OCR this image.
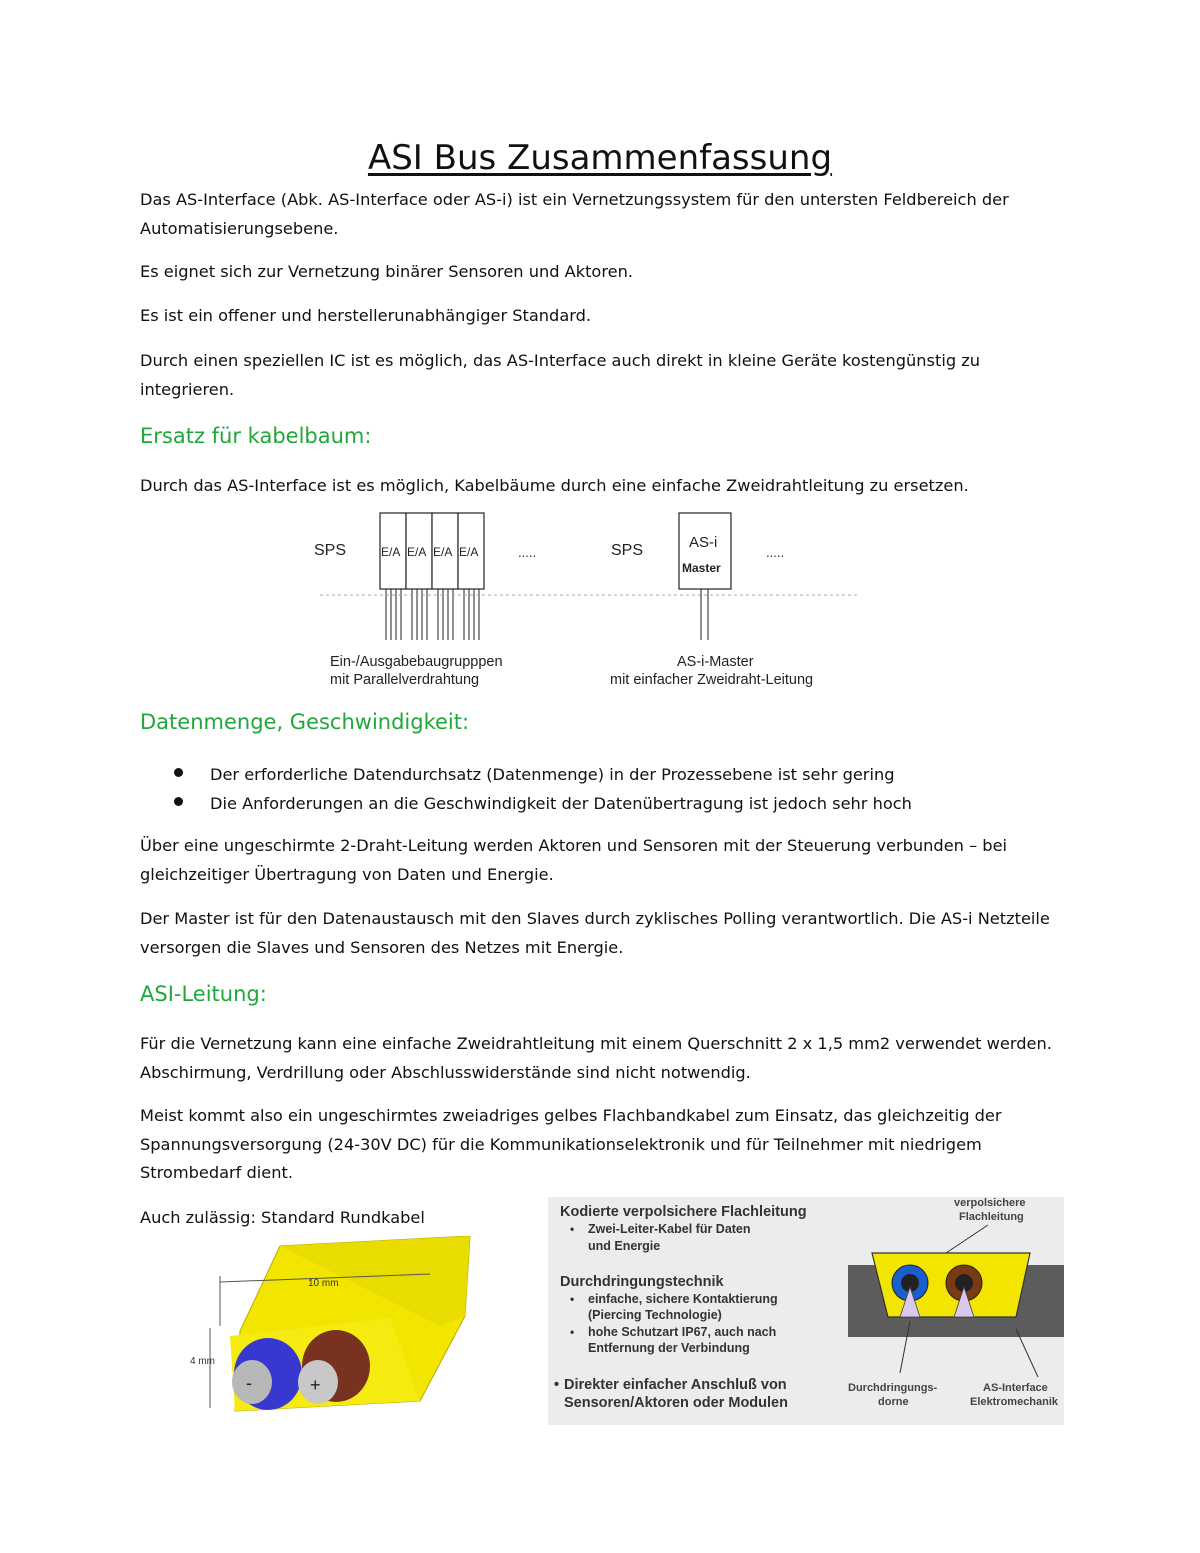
ASI Bus Zusammenfassung

Das AS-Interface (Abk. AS-Interface oder AS-i) ist ein Vernetzungssystem für den untersten Feldbereich der Automatisierungsebene.

Es eignet sich zur Vernetzung binärer Sensoren und Aktoren.

Es ist ein offener und herstellerunabhängiger Standard.

Durch einen speziellen IC ist es möglich, das AS-Interface auch direkt in kleine Geräte kostengünstig zu integrieren.

Ersatz für kabelbaum:

Durch das AS-Interface ist es möglich, Kabelbäume durch eine einfache Zweidrahtleitung zu ersetzen.

SPS	E/A E/A E/A E/A	.....	SPS	AS-i
Master
.....
Ein-/Ausgabebaugrupppen
mit Parallelverdrahtung
AS-i-Master
mit einfacher Zweidraht-Leitung
Datenmenge, Geschwindigkeit:
Der erforderliche Datendurchsatz (Datenmenge) in der Prozessebene ist sehr gering
Die Anforderungen an die Geschwindigkeit der Datenübertragung ist jedoch sehr hoch

Über eine ungeschirmte 2-Draht-Leitung werden Aktoren und Sensoren mit der Steuerung verbunden – bei gleichzeitiger Übertragung von Daten und Energie.

Der Master ist für den Datenaustausch mit den Slaves durch zyklisches Polling verantwortlich. Die AS-i Netzteile versorgen die Slaves und Sensoren des Netzes mit Energie.

ASI-Leitung:

Für die Vernetzung kann eine einfache Zweidrahtleitung mit einem Querschnitt 2 x 1,5 mm2 verwendet werden. Abschirmung, Verdrillung oder Abschlusswiderstände sind nicht notwendig.

Meist kommt also ein ungeschirmtes zweiadriges gelbes Flachbandkabel zum Einsatz, das gleichzeitig der Spannungsversorgung (24-30V DC) für die Kommunikationselektronik und für Teilnehmer mit niedrigem Strombedarf dient.

Auch zulässig: Standard Rundkabel

-	+
10 mm
4 mm
Kodierte verpolsichere Flachleitung
• Zwei-Leiter-Kabel für Daten
und Energie
Durchdringungstechnik
• einfache, sichere Kontaktierung
(Piercing Technologie)
• hohe Schutzart IP67, auch nach
Entfernung der Verbindung
• Direkter einfacher Anschluß von
Sensoren/Aktoren oder Modulen
verpolsichere
Flachleitung
Durchdringungs-
dorne
AS-Interface
Elektromechanik
